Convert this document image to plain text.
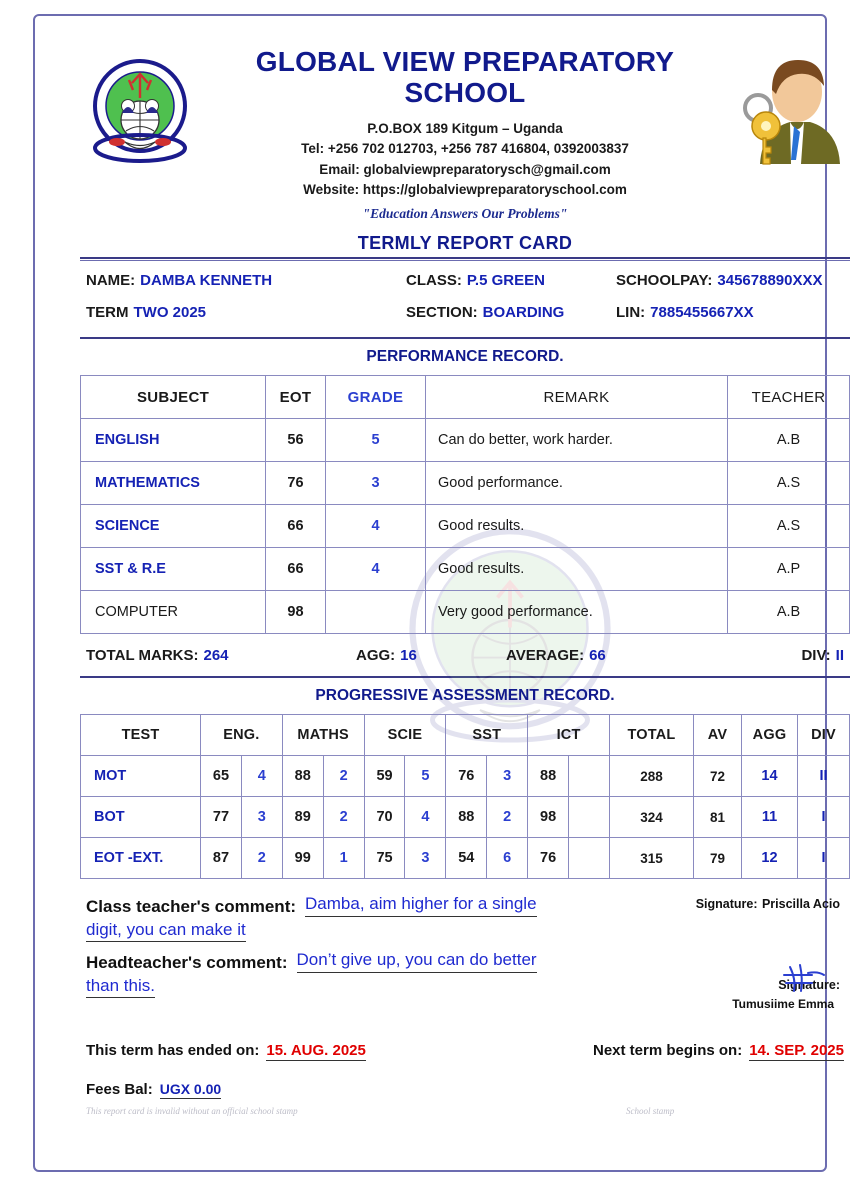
GLOBAL VIEW PREPARATORY SCHOOL
P.O.BOX 189 Kitgum – Uganda
Tel: +256 702 012703, +256 787 416804, 0392003837
Email: globalviewpreparatorysch@gmail.com
Website: https://globalviewpreparatoryschool.com
"Education Answers Our Problems"
TERMLY REPORT CARD
NAME: DAMBA KENNETH	CLASS: P.5 GREEN	SCHOOLPAY: 345678890XXX
TERM TWO 2025	SECTION: BOARDING	LIN: 7885455667XX
PERFORMANCE RECORD.
SUBJECT	EOT	GRADE	REMARK	TEACHER
ENGLISH	56	5	Can do better, work harder.	A.B
MATHEMATICS	76	3	Good performance.	A.S
SCIENCE	66	4	Good results.	A.S
SST & R.E	66	4	Good results.	A.P
COMPUTER	98		Very good performance.	A.B
TOTAL MARKS: 264	AGG: 16	AVERAGE: 66	DIV: II
PROGRESSIVE ASSESSMENT RECORD.
TEST	ENG.		MATHS		SCIE		SST		ICT		TOTAL	AV	AGG	DIV
MOT	65	4	88	2	59	5	76	3	88		288	72	14	II
BOT	77	3	89	2	70	4	88	2	98		324	81	11	I
EOT -EXT.	87	2	99	1	75	3	54	6	76		315	79	12	I
Class teacher's comment: Damba, aim higher for a single
digit, you can make it
Signature: Priscilla Acio
Headteacher's comment: Don’t give up, you can do better
than this.	Signature:
Tumusiime Emma
This term has ended on: 15. AUG. 2025	Next term begins on: 14. SEP. 2025
Fees Bal: UGX 0.00
This report card is invalid without an official school stamp	School stamp
